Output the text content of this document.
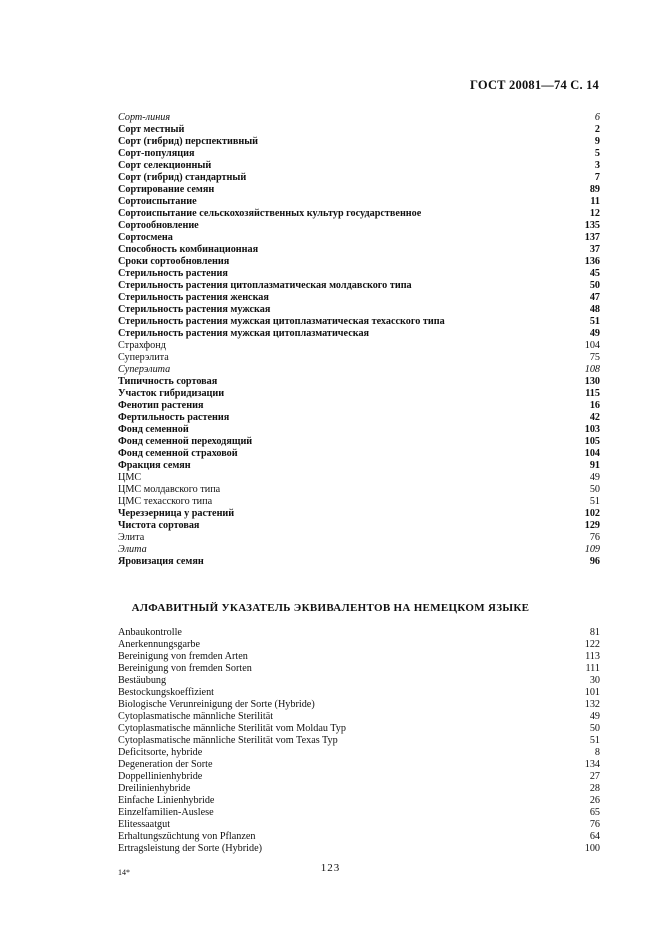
ГОСТ 20081—74 С. 14
Сорт-линия	6
Сорт местный	2
Сорт (гибрид) перспективный	9
Сорт-популяция	5
Сорт селекционный	3
Сорт (гибрид) стандартный	7
Сортирование семян	89
Сортоиспытание	11
Сортоиспытание сельскохозяйственных культур государственное	12
Сортообновление	135
Сортосмена	137
Способность комбинационная	37
Сроки сортообновления	136
Стерильность растения	45
Стерильность растения цитоплазматическая молдавского типа	50
Стерильность растения женская	47
Стерильность растения мужская	48
Стерильность растения мужская цитоплазматическая техасского типа	51
Стерильность растения мужская цитоплазматическая	49
Страхфонд	104
Суперэлита	75
Суперэлита	108
Типичность сортовая	130
Участок гибридизации	115
Фенотип растения	16
Фертильность растения	42
Фонд семенной	103
Фонд семенной переходящий	105
Фонд семенной страховой	104
Фракция семян	91
ЦМС	49
ЦМС молдавского типа	50
ЦМС техасского типа	51
Черезэерница у растений	102
Чистота сортовая	129
Элита	76
Элита	109
Яровизация семян	96
АЛФАВИТНЫЙ УКАЗАТЕЛЬ ЭКВИВАЛЕНТОВ НА НЕМЕЦКОМ ЯЗЫКЕ
Anbaukontrolle	81
Anerkennungsgarbe	122
Bereinigung von fremden Arten	113
Bereinigung von fremden Sorten	111
Bestäubung	30
Bestockungskoeffizient	101
Biologische Verunreinigung der Sorte (Hybride)	132
Cytoplasmatische männliche Sterilität	49
Cytoplasmatische männliche Sterilität vom Moldau Typ	50
Cytoplasmatische männliche Sterilität vom Texas Typ	51
Deficitsorte, hybride	8
Degeneration der Sorte	134
Doppellinienhybride	27
Dreilinienhybride	28
Einfache Linienhybride	26
Einzelfamilien-Auslese	65
Elitessaatgut	76
Erhaltungszüchtung von Pflanzen	64
Ertragsleistung der Sorte (Hybride)	100
14*	123
